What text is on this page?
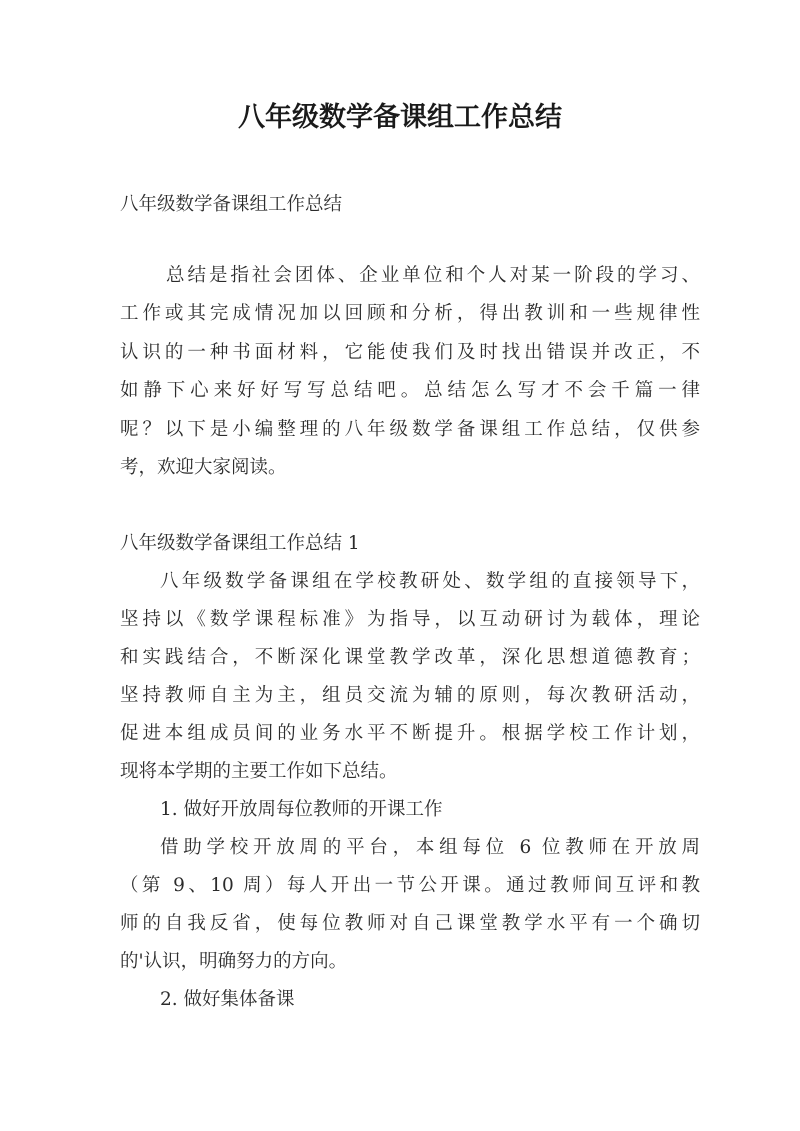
八年级数学备课组工作总结
八年级数学备课组工作总结
总结是指社会团体、企业单位和个人对某一阶段的学习、
工作或其完成情况加以回顾和分析，得出教训和一些规律性
认识的一种书面材料，它能使我们及时找出错误并改正，不
如静下心来好好写写总结吧。总结怎么写才不会千篇一律
呢？以下是小编整理的八年级数学备课组工作总结，仅供参
考，欢迎大家阅读。
八年级数学备课组工作总结 1
八年级数学备课组在学校教研处、数学组的直接领导下，
坚持以《数学课程标准》为指导，以互动研讨为载体，理论
和实践结合，不断深化课堂教学改革，深化思想道德教育；
坚持教师自主为主，组员交流为辅的原则，每次教研活动，
促进本组成员间的业务水平不断提升。根据学校工作计划，
现将本学期的主要工作如下总结。
1. 做好开放周每位教师的开课工作
借助学校开放周的平台，本组每位 6 位教师在开放周
（第 9、10 周）每人开出一节公开课。通过教师间互评和教
师的自我反省，使每位教师对自己课堂教学水平有一个确切
的'认识，明确努力的方向。
2. 做好集体备课
